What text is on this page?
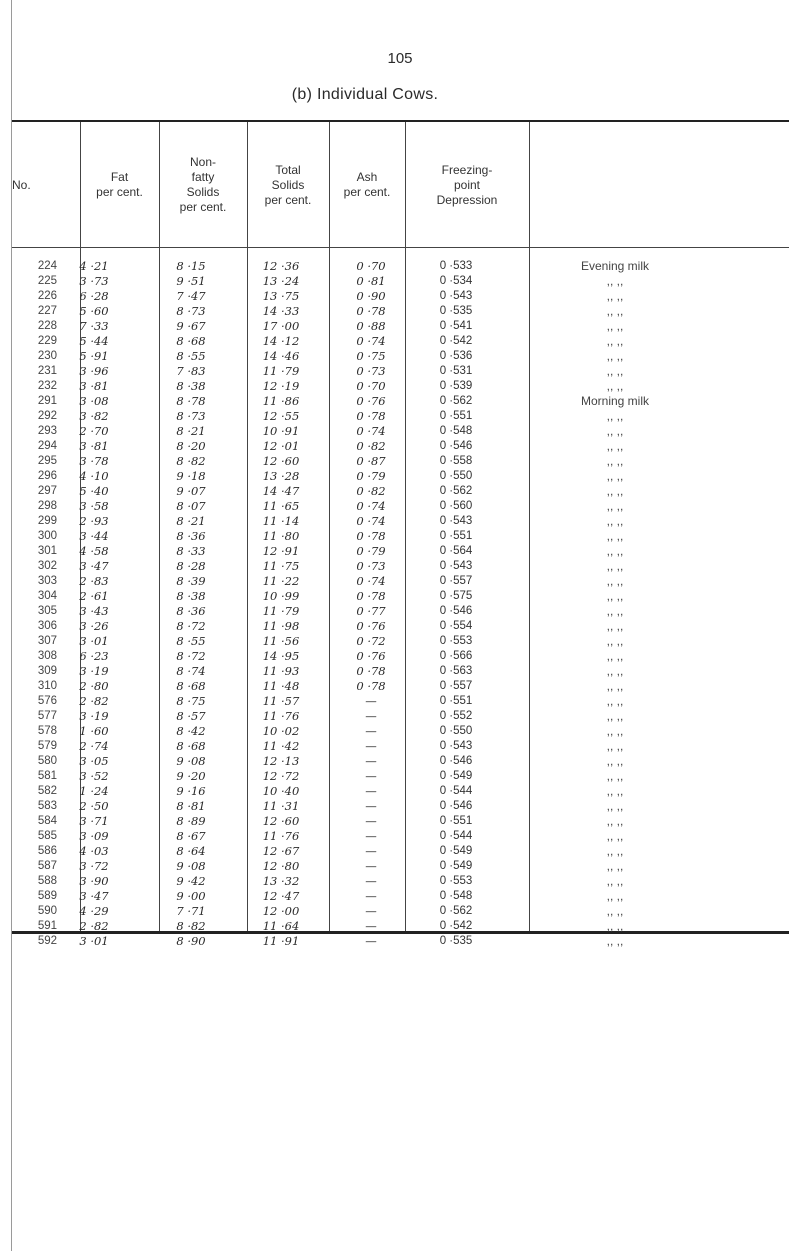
105
(b) Individual Cows.
No.
Fat
per cent.
Non-
fatty
Solids
per cent.
Total
Solids
per cent.
Ash
per cent.
Freezing-
point
Depression
224	4 ·21	8 ·15	12 ·36	0 ·70	0 ·533	Evening milk
225	3 ·73	9 ·51	13 ·24	0 ·81	0 ·534	,, ,,
226	6 ·28	7 ·47	13 ·75	0 ·90	0 ·543	,, ,,
227	5 ·60	8 ·73	14 ·33	0 ·78	0 ·535	,, ,,
228	7 ·33	9 ·67	17 ·00	0 ·88	0 ·541	,, ,,
229	5 ·44	8 ·68	14 ·12	0 ·74	0 ·542	,, ,,
230	5 ·91	8 ·55	14 ·46	0 ·75	0 ·536	,, ,,
231	3 ·96	7 ·83	11 ·79	0 ·73	0 ·531	,, ,,
232	3 ·81	8 ·38	12 ·19	0 ·70	0 ·539	,, ,,
291	3 ·08	8 ·78	11 ·86	0 ·76	0 ·562	Morning milk
292	3 ·82	8 ·73	12 ·55	0 ·78	0 ·551	,, ,,
293	2 ·70	8 ·21	10 ·91	0 ·74	0 ·548	,, ,,
294	3 ·81	8 ·20	12 ·01	0 ·82	0 ·546	,, ,,
295	3 ·78	8 ·82	12 ·60	0 ·87	0 ·558	,, ,,
296	4 ·10	9 ·18	13 ·28	0 ·79	0 ·550	,, ,,
297	5 ·40	9 ·07	14 ·47	0 ·82	0 ·562	,, ,,
298	3 ·58	8 ·07	11 ·65	0 ·74	0 ·560	,, ,,
299	2 ·93	8 ·21	11 ·14	0 ·74	0 ·543	,, ,,
300	3 ·44	8 ·36	11 ·80	0 ·78	0 ·551	,, ,,
301	4 ·58	8 ·33	12 ·91	0 ·79	0 ·564	,, ,,
302	3 ·47	8 ·28	11 ·75	0 ·73	0 ·543	,, ,,
303	2 ·83	8 ·39	11 ·22	0 ·74	0 ·557	,, ,,
304	2 ·61	8 ·38	10 ·99	0 ·78	0 ·575	,, ,,
305	3 ·43	8 ·36	11 ·79	0 ·77	0 ·546	,, ,,
306	3 ·26	8 ·72	11 ·98	0 ·76	0 ·554	,, ,,
307	3 ·01	8 ·55	11 ·56	0 ·72	0 ·553	,, ,,
308	6 ·23	8 ·72	14 ·95	0 ·76	0 ·566	,, ,,
309	3 ·19	8 ·74	11 ·93	0 ·78	0 ·563	,, ,,
310	2 ·80	8 ·68	11 ·48	0 ·78	0 ·557	,, ,,
576	2 ·82	8 ·75	11 ·57	—	0 ·551	,, ,,
577	3 ·19	8 ·57	11 ·76	—	0 ·552	,, ,,
578	1 ·60	8 ·42	10 ·02	—	0 ·550	,, ,,
579	2 ·74	8 ·68	11 ·42	—	0 ·543	,, ,,
580	3 ·05	9 ·08	12 ·13	—	0 ·546	,, ,,
581	3 ·52	9 ·20	12 ·72	—	0 ·549	,, ,,
582	1 ·24	9 ·16	10 ·40	—	0 ·544	,, ,,
583	2 ·50	8 ·81	11 ·31	—	0 ·546	,, ,,
584	3 ·71	8 ·89	12 ·60	—	0 ·551	,, ,,
585	3 ·09	8 ·67	11 ·76	—	0 ·544	,, ,,
586	4 ·03	8 ·64	12 ·67	—	0 ·549	,, ,,
587	3 ·72	9 ·08	12 ·80	—	0 ·549	,, ,,
588	3 ·90	9 ·42	13 ·32	—	0 ·553	,, ,,
589	3 ·47	9 ·00	12 ·47	—	0 ·548	,, ,,
590	4 ·29	7 ·71	12 ·00	—	0 ·562	,, ,,
591	2 ·82	8 ·82	11 ·64	—	0 ·542	,, ,,
592	3 ·01	8 ·90	11 ·91	—	0 ·535	,, ,,
